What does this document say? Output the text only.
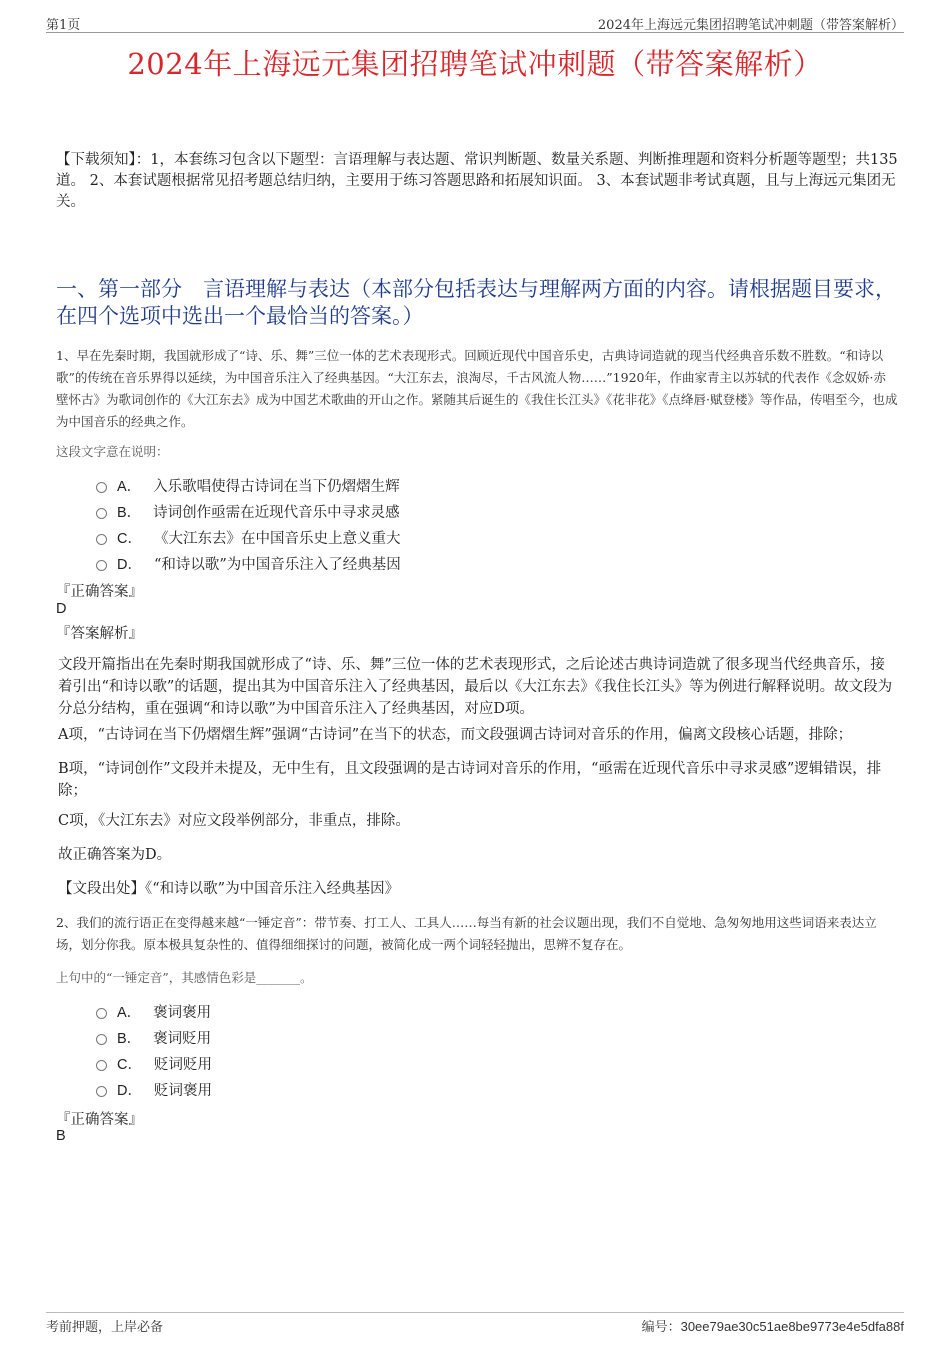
第1页	2024年上海远元集团招聘笔试冲刺题（带答案解析）
2024年上海远元集团招聘笔试冲刺题（带答案解析）
【下载须知】：1，本套练习包含以下题型：言语理解与表达题、常识判断题、数量关系题、判断推理题和资料分析题等题型；共135道。 2、本套试题根据常见招考题总结归纳，主要用于练习答题思路和拓展知识面。 3、本套试题非考试真题，且与上海远元集团无关。
一、第一部分　言语理解与表达（本部分包括表达与理解两方面的内容。请根据题目要求，在四个选项中选出一个最恰当的答案。）
1、早在先秦时期，我国就形成了“诗、乐、舞”三位一体的艺术表现形式。回顾近现代中国音乐史，古典诗词造就的现当代经典音乐数不胜数。“和诗以歌”的传统在音乐界得以延续，为中国音乐注入了经典基因。“大江东去，浪淘尽，千古风流人物……”1920年，作曲家青主以苏轼的代表作《念奴娇·赤壁怀古》为歌词创作的《大江东去》成为中国艺术歌曲的开山之作。紧随其后诞生的《我住长江头》《花非花》《点绛唇·赋登楼》等作品，传唱至今，也成为中国音乐的经典之作。
这段文字意在说明：
A． 入乐歌唱使得古诗词在当下仍熠熠生辉
B． 诗词创作亟需在近现代音乐中寻求灵感
C． 《大江东去》在中国音乐史上意义重大
D． “和诗以歌”为中国音乐注入了经典基因
『正确答案』
D
『答案解析』
文段开篇指出在先秦时期我国就形成了“诗、乐、舞”三位一体的艺术表现形式，之后论述古典诗词造就了很多现当代经典音乐，接着引出“和诗以歌”的话题，提出其为中国音乐注入了经典基因，最后以《大江东去》《我住长江头》等为例进行解释说明。故文段为分总分结构，重在强调“和诗以歌”为中国音乐注入了经典基因，对应D项。
A项，“古诗词在当下仍熠熠生辉”强调“古诗词”在当下的状态，而文段强调古诗词对音乐的作用，偏离文段核心话题，排除；
B项，“诗词创作”文段并未提及，无中生有，且文段强调的是古诗词对音乐的作用，“亟需在近现代音乐中寻求灵感”逻辑错误，排除；
C项，《大江东去》对应文段举例部分，非重点，排除。
故正确答案为D。
【文段出处】《“和诗以歌”为中国音乐注入经典基因》
2、我们的流行语正在变得越来越“一锤定音”：带节奏、打工人、工具人……每当有新的社会议题出现，我们不自觉地、急匆匆地用这些词语来表达立场，划分你我。原本极具复杂性的、值得细细探讨的问题，被简化成一两个词轻轻抛出，思辨不复存在。
上句中的“一锤定音”，其感情色彩是_______。
A． 褒词褒用
B． 褒词贬用
C． 贬词贬用
D． 贬词褒用
『正确答案』
B
考前押题，上岸必备	编号：30ee79ae30c51ae8be9773e4e5dfa88f
